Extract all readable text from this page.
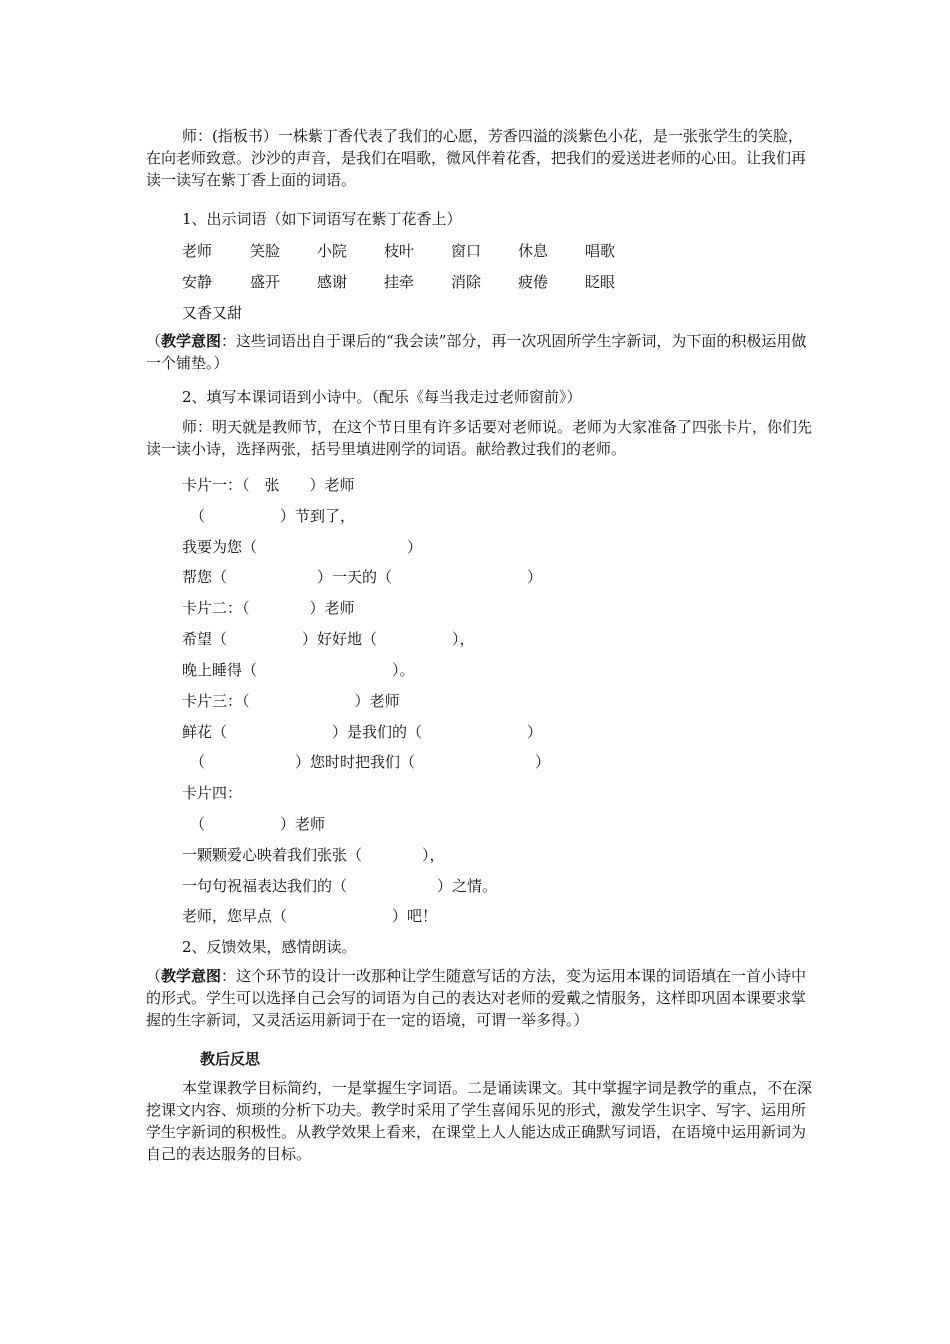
师：(指板书）一株紫丁香代表了我们的心愿，芳香四溢的淡紫色小花，是一张张学生的笑脸，在向老师致意。沙沙的声音，是我们在唱歌，微风伴着花香，把我们的爱送进老师的心田。让我们再读一读写在紫丁香上面的词语。
1、出示词语（如下词语写在紫丁花香上）
老师	笑脸 小院 枝叶 窗口 休息 唱歌
安静	盛开 感谢 挂牵 消除 疲倦 眨眼
又香又甜
（教学意图：这些词语出自于课后的“我会读”部分，再一次巩固所学生字新词，为下面的积极运用做一个铺垫。）
2、填写本课词语到小诗中。（配乐《每当我走过老师窗前》）
师：明天就是教师节，在这个节日里有许多话要对老师说。老师为大家准备了四张卡片，你们先读一读小诗，选择两张，括号里填进刚学的词语。献给教过我们的老师。
卡片一：（　张　　）老师
（　　　　　）节到了，
我要为您（　　　　　　　　　　）
帮您（　　　　　　）一天的（　　　　　　　　　）
卡片二：（　　　　）老师
希望（　　　　　）好好地（　　　　　），
晚上睡得（　　　　　　　　　）。
卡片三：（　　　　　　　）老师
鲜花（　　　　　　　）是我们的（　　　　　　　）
（　　　　　　）您时时把我们（　　　　　　　　）
卡片四：
（　　　　　）老师
一颗颗爱心映着我们张张（　　　　），
一句句祝福表达我们的（　　　　　　）之情。
老师，您早点（　　　　　　　）吧！
2、反馈效果，感情朗读。
（教学意图：这个环节的设计一改那种让学生随意写话的方法，变为运用本课的词语填在一首小诗中的形式。学生可以选择自己会写的词语为自己的表达对老师的爱戴之情服务，这样即巩固本课要求掌握的生字新词，又灵活运用新词于在一定的语境，可谓一举多得。）
教后反思
本堂课教学目标简约，一是掌握生字词语。二是诵读课文。其中掌握字词是教学的重点，不在深挖课文内容、烦琐的分析下功夫。教学时采用了学生喜闻乐见的形式，激发学生识字、写字、运用所学生字新词的积极性。从教学效果上看来，在课堂上人人能达成正确默写词语，在语境中运用新词为自己的表达服务的目标。
